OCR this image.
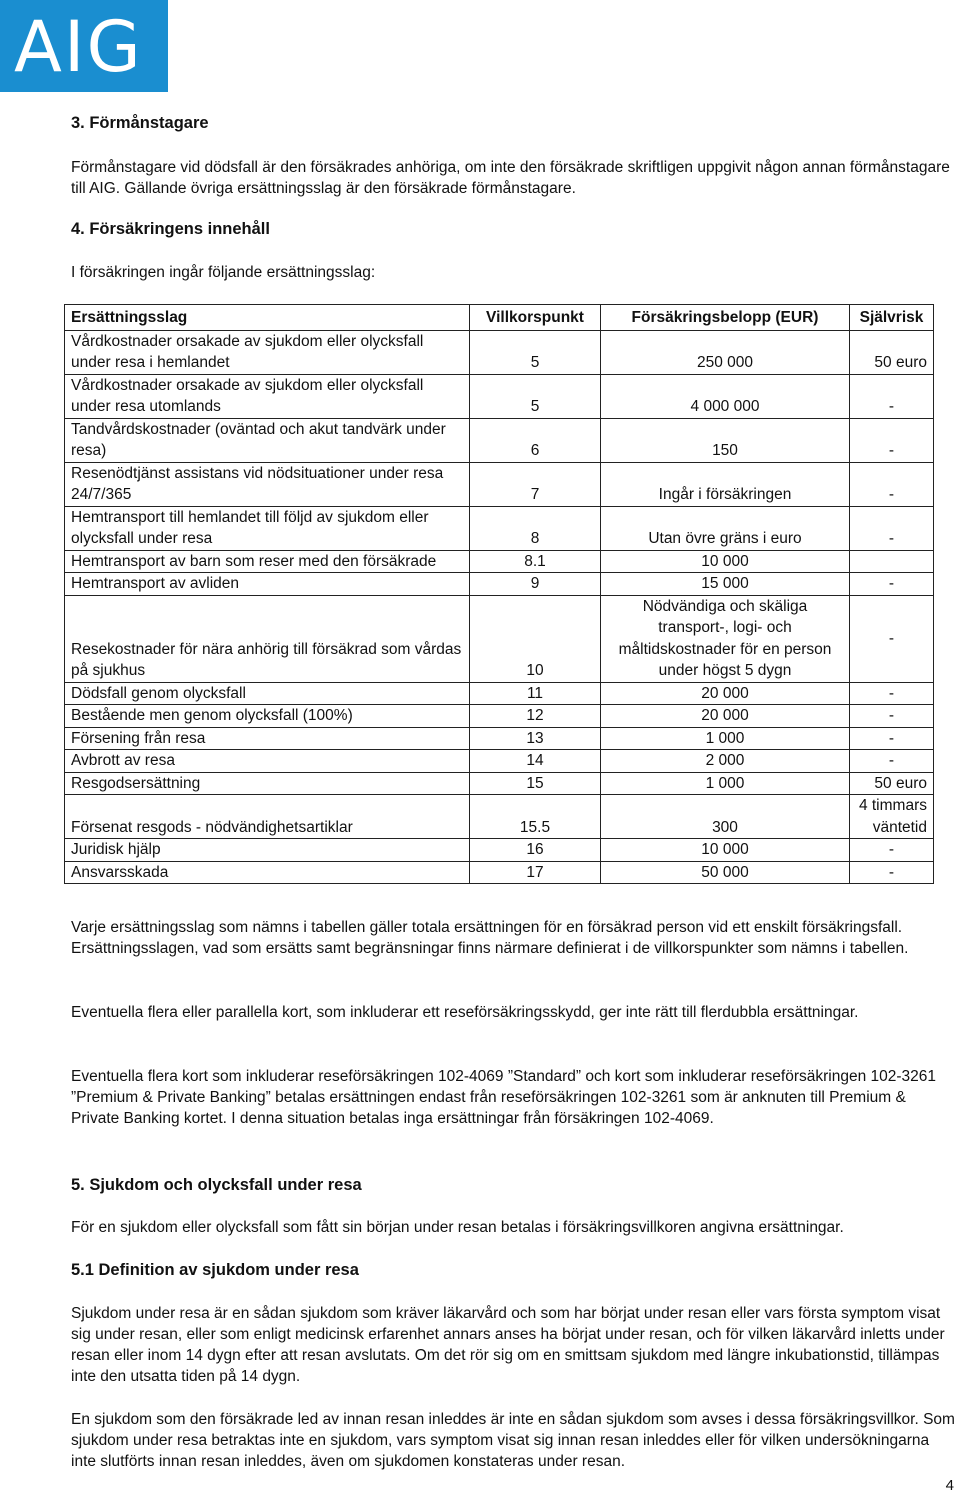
AIG
3. Förmånstagare

Förmånstagare vid dödsfall är den försäkrades anhöriga, om inte den försäkrade skriftligen uppgivit någon annan förmånstagare till AIG. Gällande övriga ersättningsslag är den försäkrade förmånstagare.

4. Försäkringens innehåll

I försäkringen ingår följande ersättningsslag:

Ersättningsslag	Villkorspunkt	Försäkringsbelopp (EUR)	Självrisk
Vårdkostnader orsakade av sjukdom eller olycksfall under resa i hemlandet	5	250 000	50 euro
Vårdkostnader orsakade av sjukdom eller olycksfall under resa utomlands	5	4 000 000	-
Tandvårdskostnader (oväntad och akut tandvärk under resa)	6	150	-
Resenödtjänst assistans vid nödsituationer under resa 24/7/365	7	Ingår i försäkringen	-
Hemtransport till hemlandet till följd av sjukdom eller olycksfall under resa	8	Utan övre gräns i euro	-
Hemtransport av barn som reser med den försäkrade	8.1	10 000	
Hemtransport av avliden	9	15 000	-
Resekostnader för nära anhörig till försäkrad som vårdas på sjukhus	10	Nödvändiga och skäliga transport-, logi- och måltidskostnader för en person under högst 5 dygn	-
Dödsfall genom olycksfall	11	20 000	-
Bestående men genom olycksfall (100%)	12	20 000	-
Försening från resa	13	1 000	-
Avbrott av resa	14	2 000	-
Resgodsersättning	15	1 000	50 euro
Försenat resgods - nödvändighetsartiklar	15.5	300	4 timmars väntetid
Juridisk hjälp	16	10 000	-
Ansvarsskada	17	50 000	-

Varje ersättningsslag som nämns i tabellen gäller totala ersättningen för en försäkrad person vid ett enskilt försäkringsfall. Ersättningsslagen, vad som ersätts samt begränsningar finns närmare definierat i de villkorspunkter som nämns i tabellen.

Eventuella flera eller parallella kort, som inkluderar ett reseförsäkringsskydd, ger inte rätt till flerdubbla ersättningar.

Eventuella flera kort som inkluderar reseförsäkringen 102-4069 ”Standard” och kort som inkluderar reseförsäkringen 102-3261 ”Premium & Private Banking” betalas ersättningen endast från reseförsäkringen 102-3261 som är anknuten till Premium & Private Banking kortet. I denna situation betalas inga ersättningar från försäkringen 102-4069.

5. Sjukdom och olycksfall under resa

För en sjukdom eller olycksfall som fått sin början under resan betalas i försäkringsvillkoren angivna ersättningar.

5.1 Definition av sjukdom under resa

Sjukdom under resa är en sådan sjukdom som kräver läkarvård och som har börjat under resan eller vars första symptom visat sig under resan, eller som enligt medicinsk erfarenhet annars anses ha börjat under resan, och för vilken läkarvård inletts under resan eller inom 14 dygn efter att resan avslutats. Om det rör sig om en smittsam sjukdom med längre inkubationstid, tillämpas inte den utsatta tiden på 14 dygn.

En sjukdom som den försäkrade led av innan resan inleddes är inte en sådan sjukdom som avses i dessa försäkringsvillkor. Som sjukdom under resa betraktas inte en sjukdom, vars symptom visat sig innan resan inleddes eller för vilken undersökningarna inte slutförts innan resan inleddes, även om sjukdomen konstateras under resan.

4
